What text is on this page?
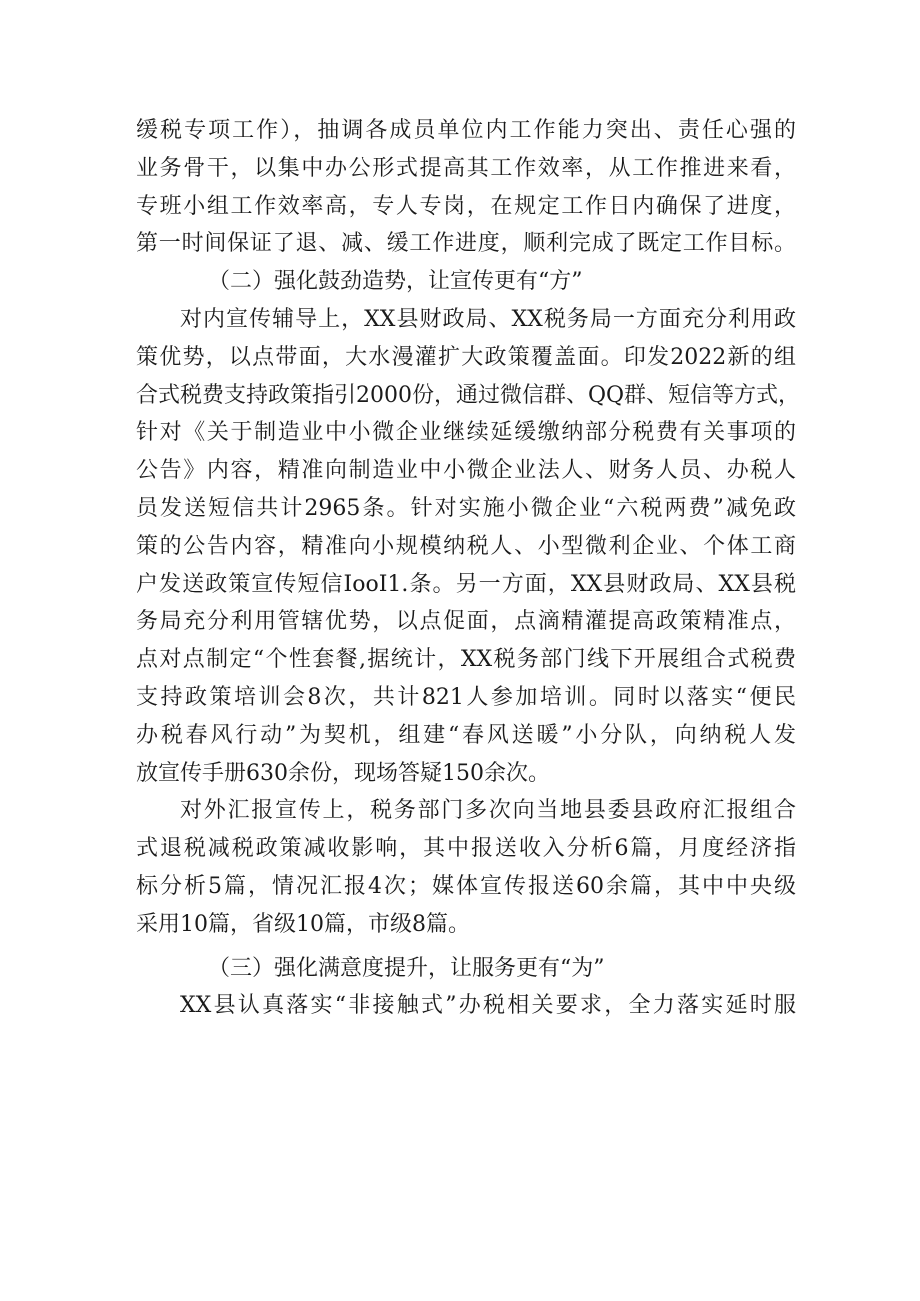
缓税专项工作），抽调各成员单位内工作能力突出、责任心强的
业务骨干，以集中办公形式提高其工作效率，从工作推进来看，
专班小组工作效率高，专人专岗，在规定工作日内确保了进度，
第一时间保证了退、减、缓工作进度，顺利完成了既定工作目标。
（二）强化鼓劲造势，让宣传更有“方”
对内宣传辅导上，XX县财政局、XX税务局一方面充分利用政
策优势，以点带面，大水漫灌扩大政策覆盖面。印发2022新的组
合式税费支持政策指引2000份，通过微信群、QQ群、短信等方式，
针对《关于制造业中小微企业继续延缓缴纳部分税费有关事项的
公告》内容，精准向制造业中小微企业法人、财务人员、办税人
员发送短信共计2965条。针对实施小微企业“六税两费”减免政
策的公告内容，精准向小规模纳税人、小型微利企业、个体工商
户发送政策宣传短信IooI1.条。另一方面，XX县财政局、XX县税
务局充分利用管辖优势，以点促面，点滴精灌提高政策精准点，
点对点制定“个性套餐,据统计，XX税务部门线下开展组合式税费
支持政策培训会8次，共计821人参加培训。同时以落实“便民
办税春风行动”为契机，组建“春风送暖”小分队，向纳税人发
放宣传手册630余份，现场答疑150余次。
对外汇报宣传上，税务部门多次向当地县委县政府汇报组合
式退税减税政策减收影响，其中报送收入分析6篇，月度经济指
标分析5篇，情况汇报4次；媒体宣传报送60余篇，其中中央级
采用10篇，省级10篇，市级8篇。
（三）强化满意度提升，让服务更有“为”
XX县认真落实“非接触式”办税相关要求，全力落实延时服
